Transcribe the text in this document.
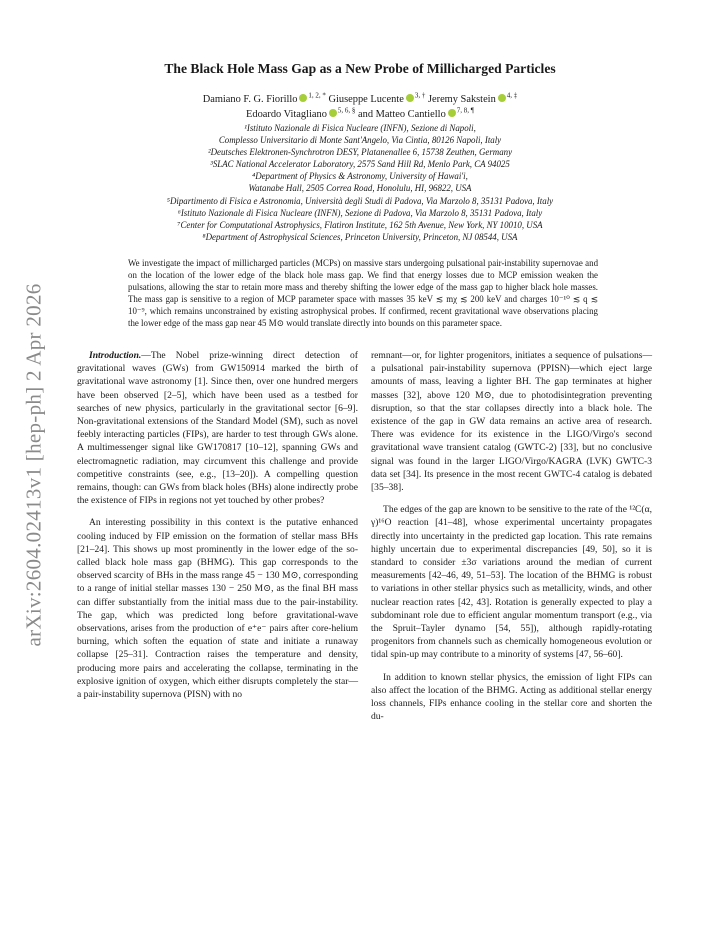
arXiv:2604.02413v1 [hep-ph] 2 Apr 2026
The Black Hole Mass Gap as a New Probe of Millicharged Particles
Damiano F. G. Fiorillo $^{1, 2, *}$ Giuseppe Lucente $^{3, \dagger}$ Jeremy Sakstein $^{4, \ddagger}$
Edoardo Vitagliano $^{5, 6, \S}$ and Matteo Cantiello $^{7, 8, \P}$
¹Istituto Nazionale di Fisica Nucleare (INFN), Sezione di Napoli,
Complesso Universitario di Monte Sant'Angelo, Via Cintia, 80126 Napoli, Italy
²Deutsches Elektronen-Synchrotron DESY, Platanenallee 6, 15738 Zeuthen, Germany
³SLAC National Accelerator Laboratory, 2575 Sand Hill Rd, Menlo Park, CA 94025
⁴Department of Physics & Astronomy, University of Hawai'i,
Watanabe Hall, 2505 Correa Road, Honolulu, HI, 96822, USA
⁵Dipartimento di Fisica e Astronomia, Università degli Studi di Padova, Via Marzolo 8, 35131 Padova, Italy
⁶Istituto Nazionale di Fisica Nucleare (INFN), Sezione di Padova, Via Marzolo 8, 35131 Padova, Italy
⁷Center for Computational Astrophysics, Flatiron Institute, 162 5th Avenue, New York, NY 10010, USA
⁸Department of Astrophysical Sciences, Princeton University, Princeton, NJ 08544, USA
We investigate the impact of millicharged particles (MCPs) on massive stars undergoing pulsational pair-instability supernovae and on the location of the lower edge of the black hole mass gap. We find that energy losses due to MCP emission weaken the pulsations, allowing the star to retain more mass and thereby shifting the lower edge of the mass gap to higher black hole masses. The mass gap is sensitive to a region of MCP parameter space with masses 35 keV ≲ mχ ≲ 200 keV and charges 10⁻¹⁰ ≲ q ≲ 10⁻⁹, which remains unconstrained by existing astrophysical probes. If confirmed, recent gravitational wave observations placing the lower edge of the mass gap near 45 M⊙ would translate directly into bounds on this parameter space.

Introduction.—The Nobel prize-winning direct detection of gravitational waves (GWs) from GW150914 marked the birth of gravitational wave astronomy [1]. Since then, over one hundred mergers have been observed [2–5], which have been used as a testbed for searches of new physics, particularly in the gravitational sector [6–9]. Non-gravitational extensions of the Standard Model (SM), such as novel feebly interacting particles (FIPs), are harder to test through GWs alone. A multimessenger signal like GW170817 [10–12], spanning GWs and electromagnetic radiation, may circumvent this challenge and provide competitive constraints (see, e.g., [13–20]). A compelling question remains, though: can GWs from black holes (BHs) alone indirectly probe the existence of FIPs in regions not yet touched by other probes?

An interesting possibility in this context is the putative enhanced cooling induced by FIP emission on the formation of stellar mass BHs [21–24]. This shows up most prominently in the lower edge of the so-called black hole mass gap (BHMG). This gap corresponds to the observed scarcity of BHs in the mass range 45 − 130 M⊙, corresponding to a range of initial stellar masses 130 − 250 M⊙, as the final BH mass can differ substantially from the initial mass due to the pair-instability. The gap, which was predicted long before gravitational-wave observations, arises from the production of e⁺e⁻ pairs after core-helium burning, which soften the equation of state and initiate a runaway collapse [25–31]. Contraction raises the temperature and density, producing more pairs and accelerating the collapse, terminating in the explosive ignition of oxygen, which either disrupts completely the star—a pair-instability supernova (PISN) with no

remnant—or, for lighter progenitors, initiates a sequence of pulsations—a pulsational pair-instability supernova (PPISN)—which eject large amounts of mass, leaving a lighter BH. The gap terminates at higher masses [32], above 120 M⊙, due to photodisintegration preventing disruption, so that the star collapses directly into a black hole. The existence of the gap in GW data remains an active area of research. There was evidence for its existence in the LIGO/Virgo's second gravitational wave transient catalog (GWTC-2) [33], but no conclusive signal was found in the larger LIGO/Virgo/KAGRA (LVK) GWTC-3 data set [34]. Its presence in the most recent GWTC-4 catalog is debated [35–38].

The edges of the gap are known to be sensitive to the rate of the ¹²C(α, γ)¹⁶O reaction [41–48], whose experimental uncertainty propagates directly into uncertainty in the predicted gap location. This rate remains highly uncertain due to experimental discrepancies [49, 50], so it is standard to consider ±3σ variations around the median of current measurements [42–46, 49, 51–53]. The location of the BHMG is robust to variations in other stellar physics such as metallicity, winds, and other nuclear reaction rates [42, 43]. Rotation is generally expected to play a subdominant role due to efficient angular momentum transport (e.g., via the Spruit–Tayler dynamo [54, 55]), although rapidly-rotating progenitors from channels such as chemically homogeneous evolution or tidal spin-up may contribute to a minority of systems [47, 56–60].

In addition to known stellar physics, the emission of light FIPs can also affect the location of the BHMG. Acting as additional stellar energy loss channels, FIPs enhance cooling in the stellar core and shorten the du-
